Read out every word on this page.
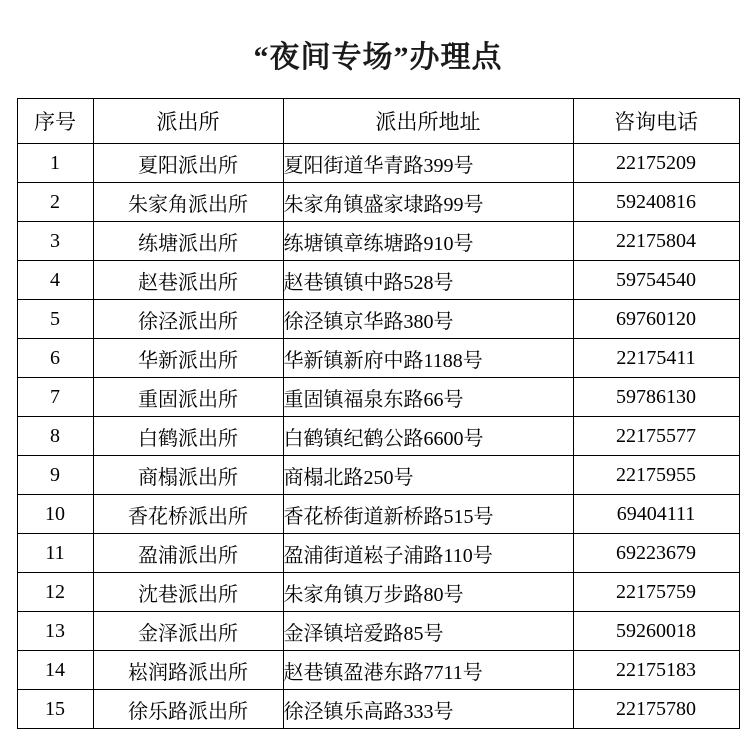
“夜间专场”办理点
序号	派出所	派出所地址	咨询电话
1	夏阳派出所	夏阳街道华青路399号	22175209
2	朱家角派出所	朱家角镇盛家埭路99号	59240816
3	练塘派出所	练塘镇章练塘路910号	22175804
4	赵巷派出所	赵巷镇镇中路528号	59754540
5	徐泾派出所	徐泾镇京华路380号	69760120
6	华新派出所	华新镇新府中路1188号	22175411
7	重固派出所	重固镇福泉东路66号	59786130
8	白鹤派出所	白鹤镇纪鹤公路6600号	22175577
9	商榻派出所	商榻北路250号	22175955
10	香花桥派出所	香花桥街道新桥路515号	69404111
11	盈浦派出所	盈浦街道崧子浦路110号	69223679
12	沈巷派出所	朱家角镇万步路80号	22175759
13	金泽派出所	金泽镇培爱路85号	59260018
14	崧润路派出所	赵巷镇盈港东路7711号	22175183
15	徐乐路派出所	徐泾镇乐高路333号	22175780
